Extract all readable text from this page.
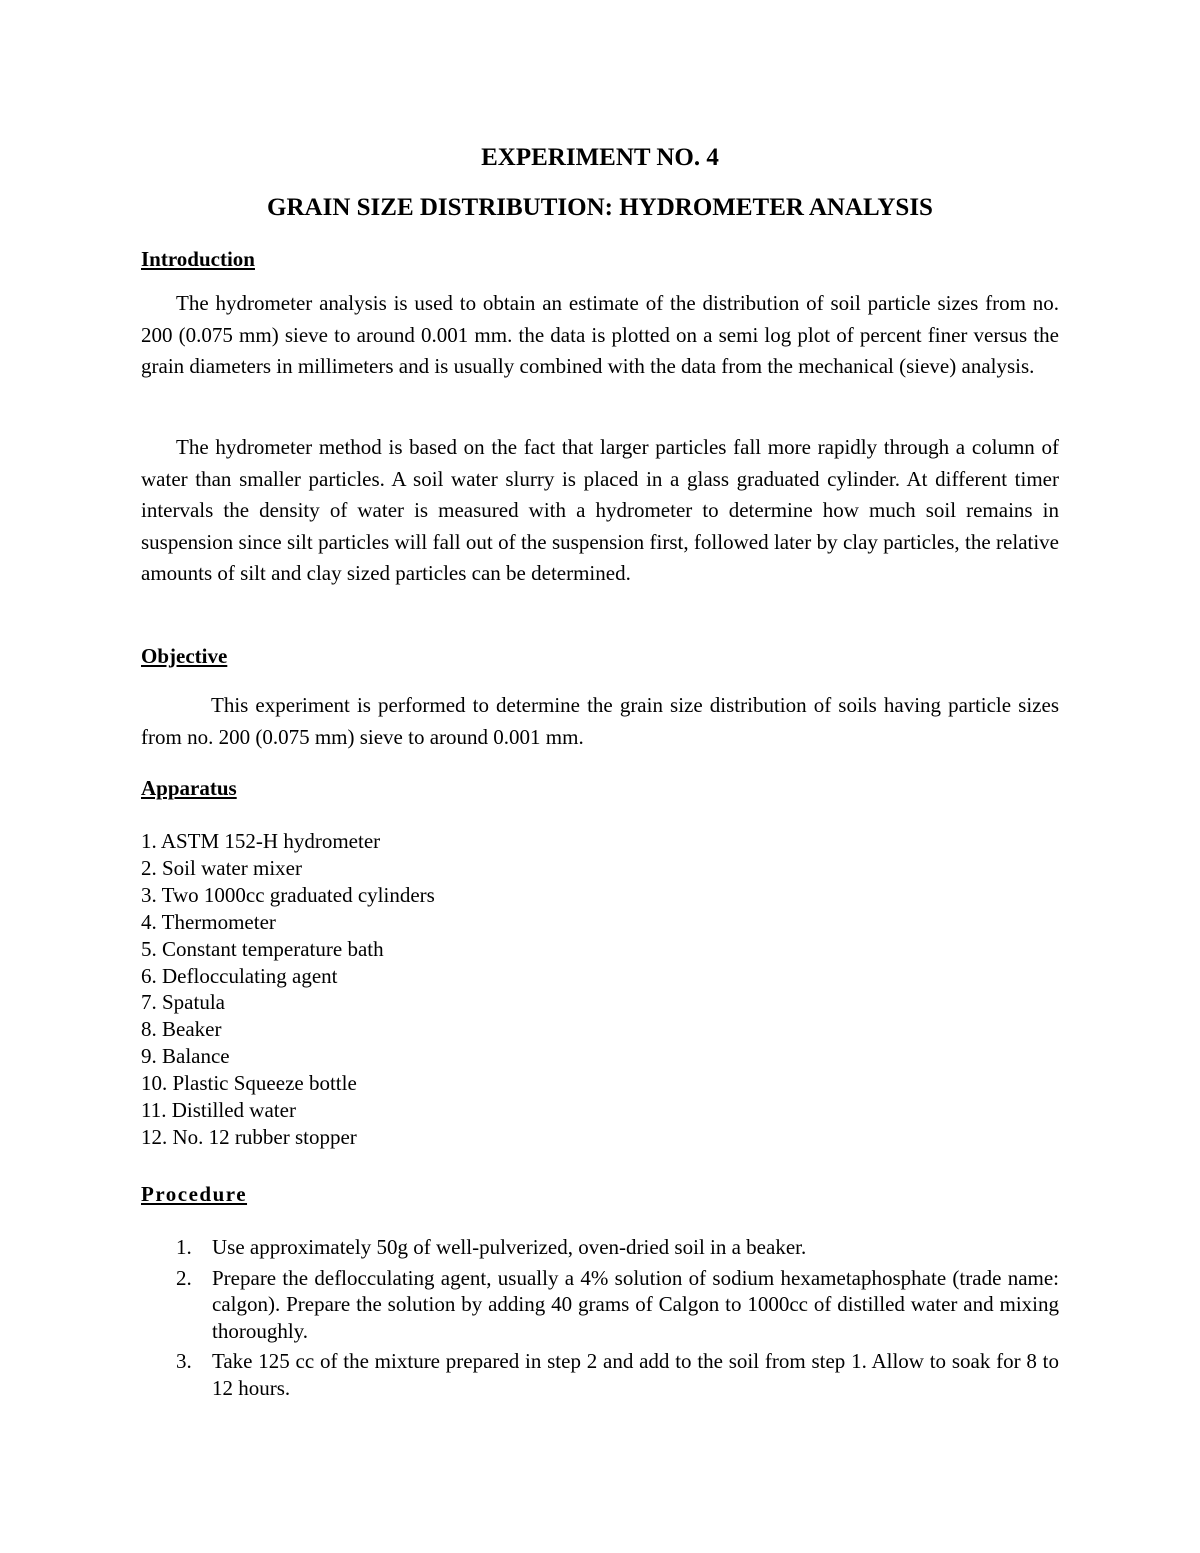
EXPERIMENT NO. 4
GRAIN SIZE DISTRIBUTION: HYDROMETER ANALYSIS
Introduction

The hydrometer analysis is used to obtain an estimate of the distribution of soil particle sizes from no. 200 (0.075 mm) sieve to around 0.001 mm. the data is plotted on a semi log plot of percent finer versus the grain diameters in millimeters and is usually combined with the data from the mechanical (sieve) analysis.

The hydrometer method is based on the fact that larger particles fall more rapidly through a column of water than smaller particles. A soil water slurry is placed in a glass graduated cylinder. At different timer intervals the density of water is measured with a hydrometer to determine how much soil remains in suspension since silt particles will fall out of the suspension first, followed later by clay particles, the relative amounts of silt and clay sized particles can be determined.

Objective

This experiment is performed to determine the grain size distribution of soils having particle sizes from no. 200 (0.075 mm) sieve to around 0.001 mm.

Apparatus
1. ASTM 152-H hydrometer
2. Soil water mixer
3. Two 1000cc graduated cylinders
4. Thermometer
5. Constant temperature bath
6. Deflocculating agent
7. Spatula
8. Beaker
9. Balance
10. Plastic Squeeze bottle
11. Distilled water
12. No. 12 rubber stopper
Procedure
1. Use approximately 50g of well-pulverized, oven-dried soil in a beaker.
2. Prepare the deflocculating agent, usually a 4% solution of sodium hexametaphosphate (trade name: calgon). Prepare the solution by adding 40 grams of Calgon to 1000cc of distilled water and mixing thoroughly.
3. Take 125 cc of the mixture prepared in step 2 and add to the soil from step 1. Allow to soak for 8 to 12 hours.
